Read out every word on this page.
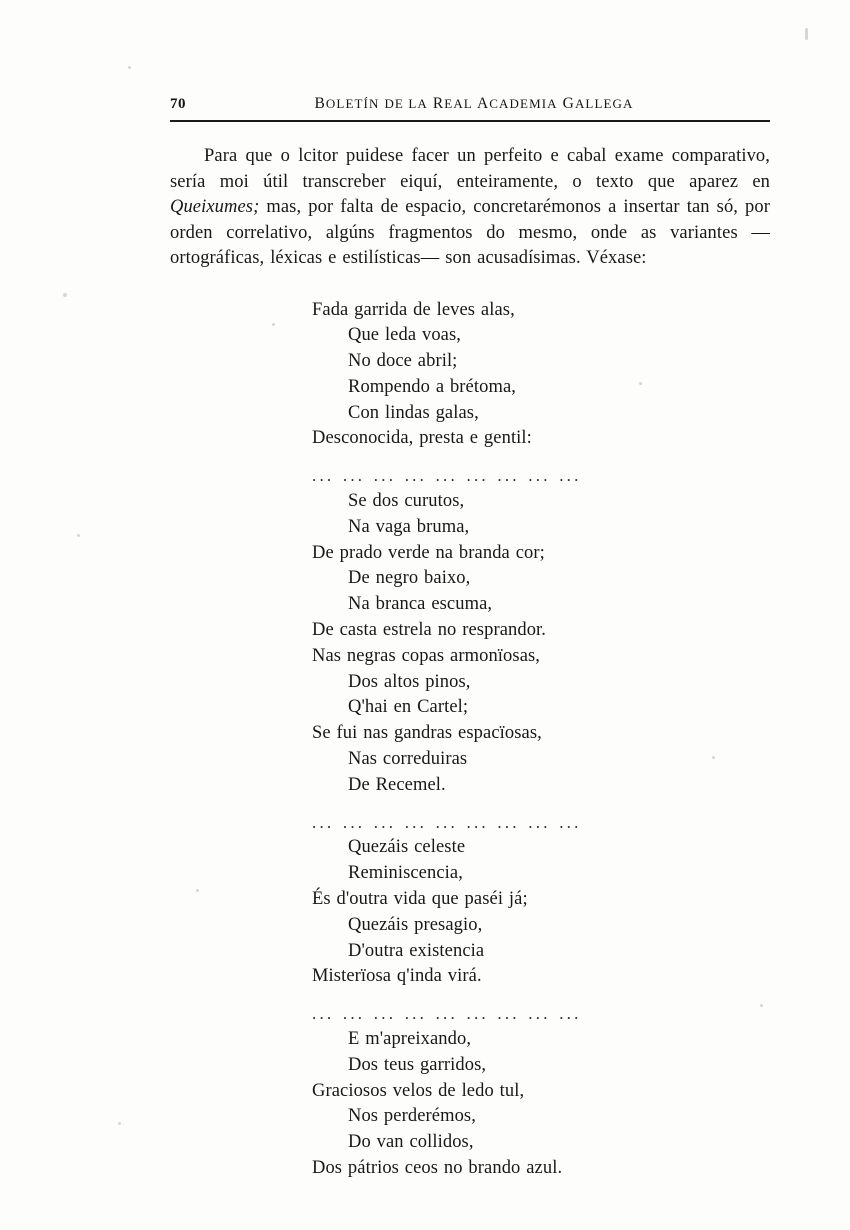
70	BOLETÍN DE LA REAL ACADEMIA GALLEGA
Para que o lcitor puidese facer un perfeito e cabal exame comparativo, sería moi útil transcreber eiquí, enteiramente, o texto que aparez en Queixumes; mas, por falta de espacio, concretarémonos a insertar tan só, por orden correlativo, algúns fragmentos do mesmo, onde as variantes —ortográficas, léxicas e estilísticas— son acusadísimas. Véxase:
Fada garrida de leves alas,
Que leda voas,
No doce abril;
Rompendo a brétoma,
Con lindas galas,
Desconocida, presta e gentil:
... ... ... ... ... ... ... ... ...
Se dos curutos,
Na vaga bruma,
De prado verde na branda cor;
De negro baixo,
Na branca escuma,
De casta estrela no resprandor.
Nas negras copas armonïosas,
Dos altos pinos,
Q'hai en Cartel;
Se fui nas gandras espacïosas,
Nas correduiras
De Recemel.
... ... ... ... ... ... ... ... ...
Quezáis celeste
Reminiscencia,
És d'outra vida que paséi já;
Quezáis presagio,
D'outra existencia
Misterïosa q'inda virá.
... ... ... ... ... ... ... ... ...
E m'apreixando,
Dos teus garridos,
Graciosos velos de ledo tul,
Nos perderémos,
Do van collidos,
Dos pátrios ceos no brando azul.
